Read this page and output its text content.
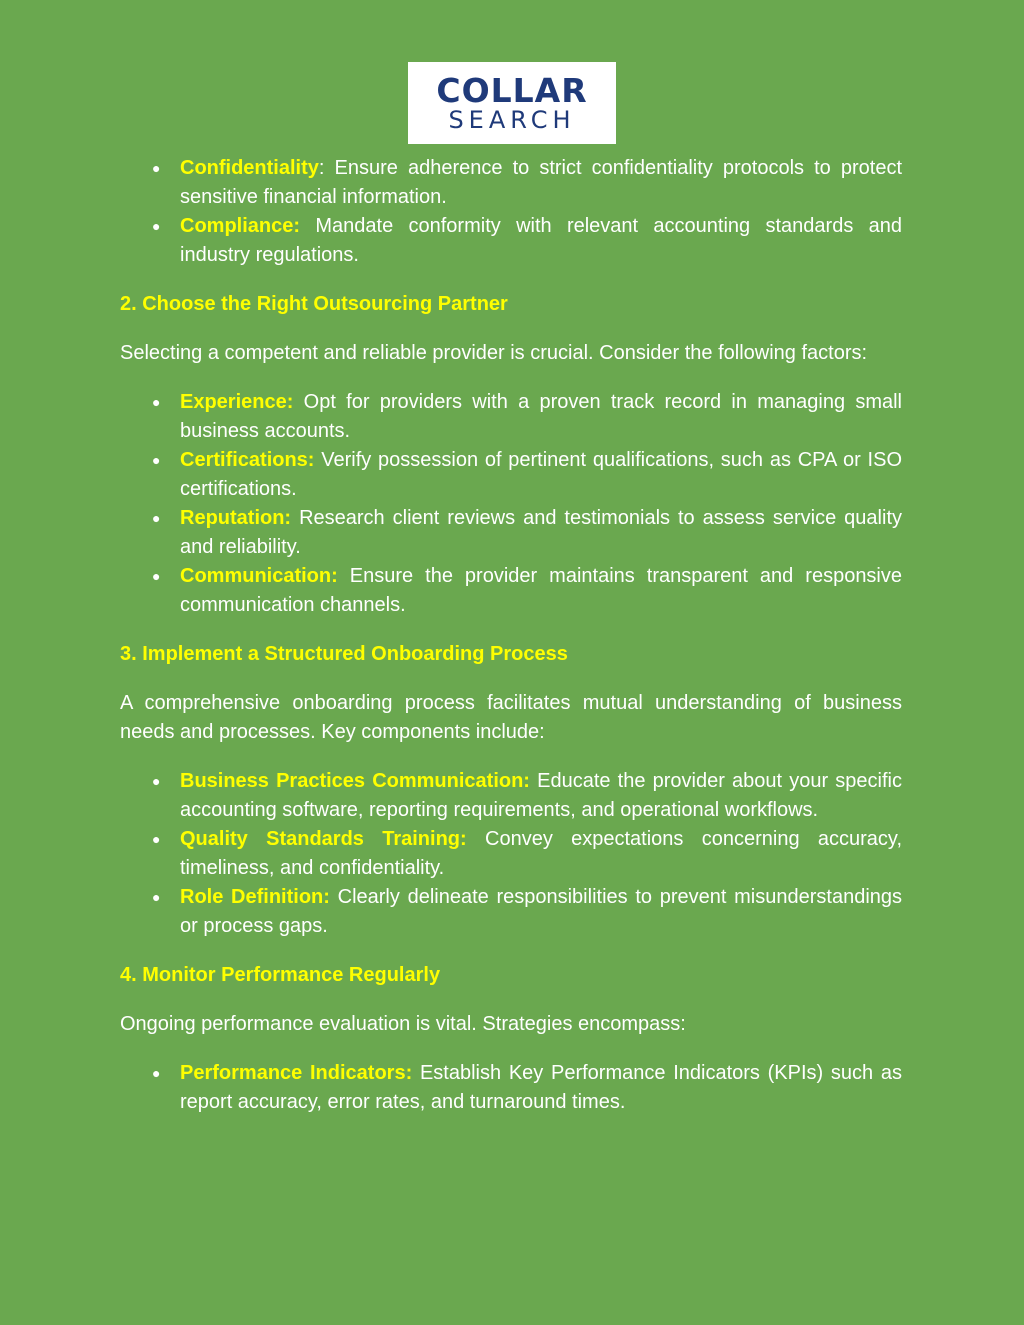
COLLAR
SEARCH
● Confidentiality: Ensure adherence to strict confidentiality protocols to protect sensitive financial information.
● Compliance: Mandate conformity with relevant accounting standards and industry regulations.
2. Choose the Right Outsourcing Partner

Selecting a competent and reliable provider is crucial. Consider the following factors:

● Experience: Opt for providers with a proven track record in managing small business accounts.
● Certifications: Verify possession of pertinent qualifications, such as CPA or ISO certifications.
● Reputation: Research client reviews and testimonials to assess service quality and reliability.
● Communication: Ensure the provider maintains transparent and responsive communication channels.
3. Implement a Structured Onboarding Process

A comprehensive onboarding process facilitates mutual understanding of business needs and processes. Key components include:

● Business Practices Communication: Educate the provider about your specific accounting software, reporting requirements, and operational workflows.
● Quality Standards Training: Convey expectations concerning accuracy, timeliness, and confidentiality.
● Role Definition: Clearly delineate responsibilities to prevent misunderstandings or process gaps.
4. Monitor Performance Regularly

Ongoing performance evaluation is vital. Strategies encompass:

● Performance Indicators: Establish Key Performance Indicators (KPIs) such as report accuracy, error rates, and turnaround times.
